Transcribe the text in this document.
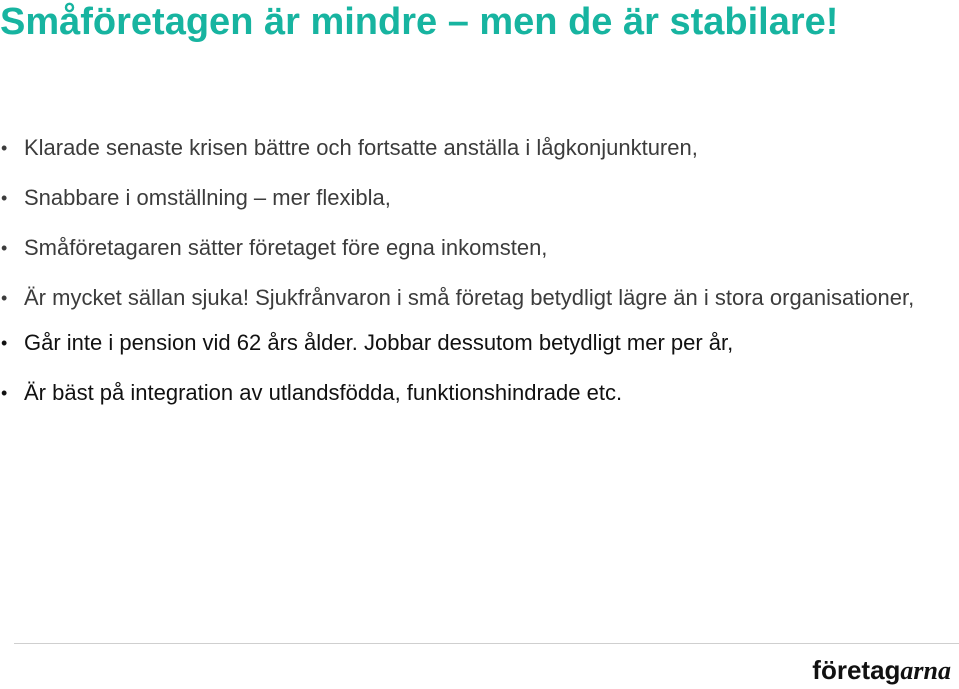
Småföretagen är mindre – men de är stabilare!
• Klarade senaste krisen bättre och fortsatte anställa i lågkonjunkturen,
• Snabbare i omställning – mer flexibla,
• Småföretagaren sätter företaget före egna inkomsten,
• Är mycket sällan sjuka! Sjukfrånvaron i små företag betydligt lägre än i stora organisationer,
• Går inte i pension vid 62 års ålder. Jobbar dessutom betydligt mer per år,
• Är bäst på integration av utlandsfödda, funktionshindrade etc.
företagarna
